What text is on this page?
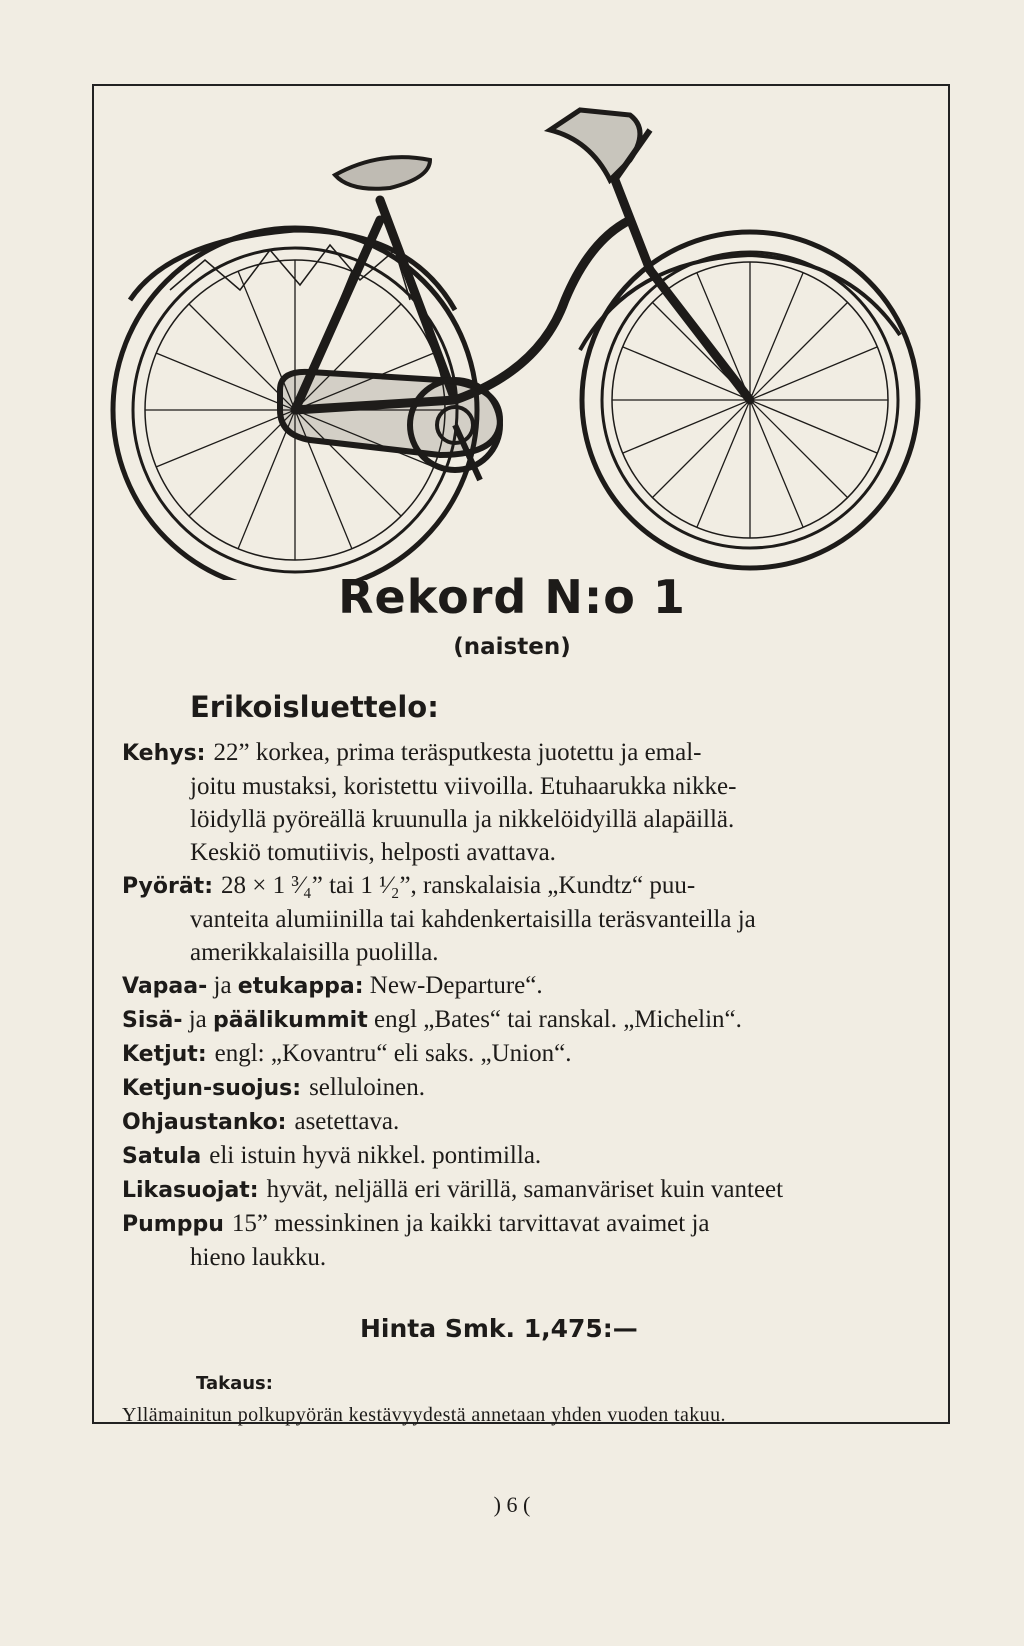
Rekord N:o 1
(naisten)
Erikoisluettelo:
Kehys: 22” korkea, prima teräsputkesta juotettu ja emal-
joitu mustaksi, koristettu viivoilla. Etuhaarukka nikke-
löidyllä pyöreällä kruunulla ja nikkelöidyillä alapäillä.
Keskiö tomutiivis, helposti avattava.
Pyörät: 28 × 1 ³⁄₄” tai 1 ¹⁄₂”, ranskalaisia „Kundtz“ puu-
vanteita alumiinilla tai kahdenkertaisilla teräsvanteilla ja
amerikkalaisilla puolilla.
Vapaa- ja etukappa: New-Departure“.
Sisä- ja päälikummit engl „Bates“ tai ranskal. „Michelin“.
Ketjut: engl: „Kovantru“ eli saks. „Union“.
Ketjun-suojus: selluloinen.
Ohjaustanko: asetettava.
Satula eli istuin hyvä nikkel. pontimilla.
Likasuojat: hyvät, neljällä eri värillä, samanväriset kuin vanteet
Pumppu 15” messinkinen ja kaikki tarvittavat avaimet ja
hieno laukku.
Hinta Smk. 1,475:—
Takaus:
Yllämainitun polkupyörän kestävyydestä annetaan yhden vuoden takuu.
) 6 (
